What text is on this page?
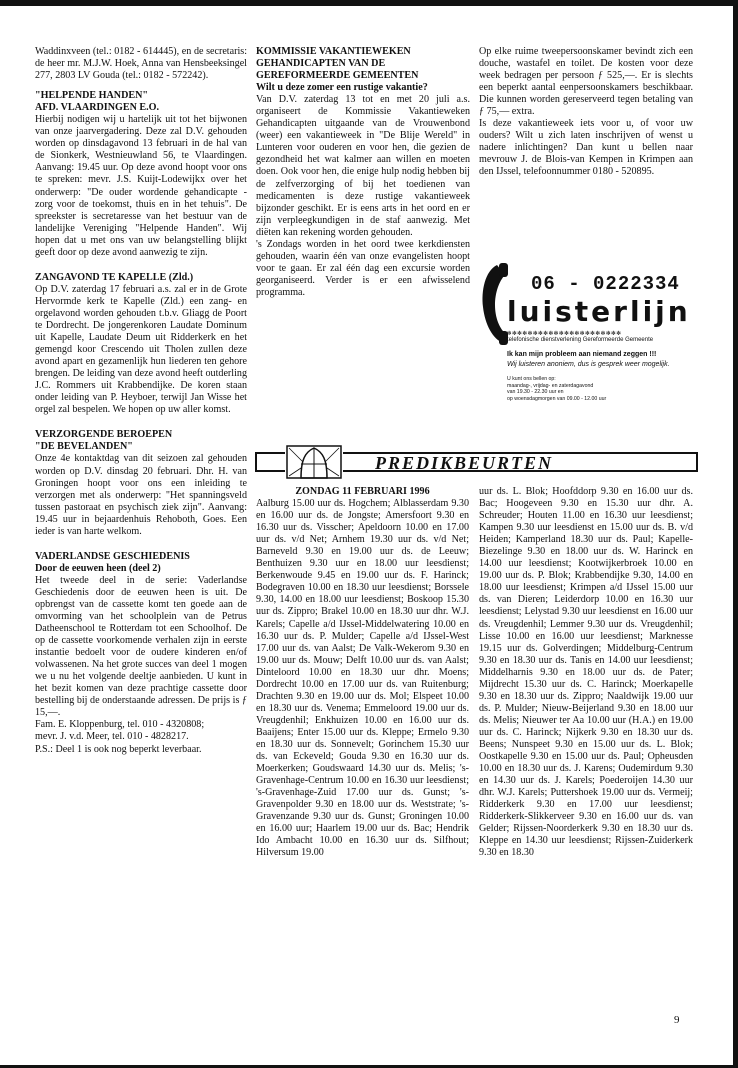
Waddinxveen (tel.: 0182 - 614445), en de secretaris: de heer mr. M.J.W. Hoek, Anna van Hensbeeksingel 277, 2803 LV Gouda (tel.: 0182 - 572242).

"HELPENDE HANDEN"

AFD. VLAARDINGEN E.O.

Hierbij nodigen wij u hartelijk uit tot het bijwonen van onze jaarvergadering. Deze zal D.V. gehouden worden op dinsdagavond 13 februari in de hal van de Sionkerk, Westnieuwland 56, te Vlaardingen. Aanvang: 19.45 uur. Op deze avond hoopt voor ons te spreken: mevr. J.S. Kuijt-Lodewijkx over het onderwerp: "De ouder wordende gehandicapte - zorg voor de toekomst, thuis en in het tehuis". De spreekster is secretaresse van het bestuur van de landelijke Vereniging "Helpende Handen". Wij hopen dat u met ons van uw belangstelling blijkt geeft door op deze avond aanwezig te zijn.

ZANGAVOND TE KAPELLE (Zld.)

Op D.V. zaterdag 17 februari a.s. zal er in de Grote Hervormde kerk te Kapelle (Zld.) een zang- en orgelavond worden gehouden t.b.v. Gliagg de Poort te Dordrecht. De jongerenkoren Laudate Dominum uit Kapelle, Laudate Deum uit Ridderkerk en het gemengd koor Crescendo uit Tholen zullen deze avond apart en gezamenlijk hun liederen ten gehore brengen. De leiding van deze avond heeft outderling J.C. Rommers uit Krabbendijke. De koren staan onder leiding van P. Heyboer, terwijl Jan Wisse het orgel zal bespelen. We hopen op uw aller komst.

VERZORGENDE BEROEPEN

"DE BEVELANDEN"

Onze 4e kontaktdag van dit seizoen zal gehouden worden op D.V. dinsdag 20 februari. Dhr. H. van Groningen hoopt voor ons een inleiding te verzorgen met als onderwerp: "Het spanningsveld tussen pastoraat en psychisch ziek zijn". Aanvang: 19.45 uur in bejaardenhuis Rehoboth, Goes. Een ieder is van harte welkom.

VADERLANDSE GESCHIEDENIS

Door de eeuwen heen (deel 2)

Het tweede deel in de serie: Vaderlandse Geschiedenis door de eeuwen heen is uit. De opbrengst van de cassette komt ten goede aan de omvorming van het schoolplein van de Petrus Datheenschool te Rotterdam tot een Schoolhof. De op de cassette voorkomende verhalen zijn in eerste instantie bedoelt voor de oudere kinderen en/of volwassenen. Na het grote succes van deel 1 mogen we u nu het volgende deeltje aanbieden. U kunt in het bezit komen van deze prachtige cassette door bestelling bij de onderstaande adressen. De prijs is ƒ 15,—.

Fam. E. Kloppenburg, tel. 010 - 4320808;

mevr. J. v.d. Meer, tel. 010 - 4828217.

P.S.: Deel 1 is ook nog beperkt leverbaar.

KOMMISSIE VAKANTIEWEKEN

GEHANDICAPTEN VAN DE

GEREFORMEERDE GEMEENTEN

Wilt u deze zomer een rustige vakantie?

Van D.V. zaterdag 13 tot en met 20 juli a.s. organiseert de Kommissie Vakantieweken Gehandicapten uitgaande van de Vrouwenbond (weer) een vakantieweek in "De Blije Wereld" in Lunteren voor ouderen en voor hen, die gezien de gezondheid het wat kalmer aan willen en moeten doen. Ook voor hen, die enige hulp nodig hebben bij de zelfverzorging of bij het toedienen van medicamenten is deze rustige vakantieweek bijzonder geschikt. Er is eens arts in het oord en er zijn verpleegkundigen in de staf aanwezig. Met diëten kan rekening worden gehouden.

's Zondags worden in het oord twee kerkdiensten gehouden, waarin één van onze evangelisten hoopt voor te gaan. Er zal één dag een excursie worden georganiseerd. Verder is er een afwisselend programma.

Op elke ruime tweepersoonskamer bevindt zich een douche, wastafel en toilet. De kosten voor deze week bedragen per persoon ƒ 525,—. Er is slechts een beperkt aantal eenpersoonskamers beschikbaar. Die kunnen worden gereserveerd tegen betaling van ƒ 75,— extra.

Is deze vakantieweek iets voor u, of voor uw ouders? Wilt u zich laten inschrijven of wenst u nadere inlichtingen? Dan kunt u bellen naar mevrouw J. de Blois-van Kempen in Krimpen aan den IJssel, telefoonnummer 0180 - 520895.

06 - 0222334
luisterlijn
✻✻✻✻✻✻✻✻✻✻✻✻✻✻✻✻✻✻✻✻✻✻
telefonische dienstverlening Gereformeerde Gemeente
Ik kan mijn probleem aan niemand zeggen !!!
Wij luisteren anoniem, dus is gesprek weer mogelijk.
U kunt ons bellen op:
maandag-, vrijdag- en zaterdagavond
van 19.30 - 22.30 uur en
op woensdagmorgen van 09.00 - 12.00 uur
PREDIKBEURTEN

ZONDAG 11 FEBRUARI 1996

Aalburg 15.00 uur ds. Hogchem; Alblasserdam 9.30 en 16.00 uur ds. de Jongste; Amersfoort 9.30 en 16.30 uur ds. Visscher; Apeldoorn 10.00 en 17.00 uur ds. v/d Net; Arnhem 19.30 uur ds. v/d Net; Barneveld 9.30 en 19.00 uur ds. de Leeuw; Benthuizen 9.30 uur en 18.00 uur leesdienst; Berkenwoude 9.45 en 19.00 uur ds. F. Harinck; Bodegraven 10.00 en 18.30 uur leesdienst; Borssele 9.30, 14.00 en 18.00 uur leesdienst; Boskoop 15.30 uur ds. Zippro; Brakel 10.00 en 18.30 uur dhr. W.J. Karels; Capelle a/d IJssel-Middelwatering 10.00 en 16.30 uur ds. P. Mulder; Capelle a/d IJssel-West 17.00 uur ds. van Aalst; De Valk-Wekerom 9.30 en 19.00 uur ds. Mouw; Delft 10.00 uur ds. van Aalst; Dinteloord 10.00 en 18.30 uur dhr. Moens; Dordrecht 10.00 en 17.00 uur ds. van Ruitenburg; Drachten 9.30 en 19.00 uur ds. Mol; Elspeet 10.00 en 18.30 uur ds. Venema; Emmeloord 19.00 uur ds. Vreugdenhil; Enkhuizen 10.00 en 16.00 uur ds. Baaijens; Enter 15.00 uur ds. Kleppe; Ermelo 9.30 en 18.30 uur ds. Sonnevelt; Gorinchem 15.30 uur ds. van Eckeveld; Gouda 9.30 en 16.30 uur ds. Moerkerken; Goudswaard 14.30 uur ds. Melis; 's-Gravenhage-Centrum 10.00 en 16.30 uur leesdienst; 's-Gravenhage-Zuid 17.00 uur ds. Gunst; 's-Gravenpolder 9.30 en 18.00 uur ds. Weststrate; 's-Gravenzande 9.30 uur ds. Gunst; Groningen 10.00 en 16.00 uur; Haarlem 19.00 uur ds. Bac; Hendrik Ido Ambacht 10.00 en 16.30 uur ds. Silfhout; Hilversum 19.00

uur ds. L. Blok; Hoofddorp 9.30 en 16.00 uur ds. Bac; Hoogeveen 9.30 en 15.30 uur dhr. A. Schreuder; Houten 11.00 en 16.30 uur leesdienst; Kampen 9.30 uur leesdienst en 15.00 uur ds. B. v/d Heiden; Kamperland 18.30 uur ds. Paul; Kapelle-Biezelinge 9.30 en 18.00 uur ds. W. Harinck en 14.00 uur leesdienst; Kootwijkerbroek 10.00 en 19.00 uur ds. P. Blok; Krabbendijke 9.30, 14.00 en 18.00 uur leesdienst; Krimpen a/d IJssel 15.00 uur ds. van Dieren; Leiderdorp 10.00 en 16.30 uur leesdienst; Lelystad 9.30 uur leesdienst en 16.00 uur ds. Vreugdenhil; Lemmer 9.30 uur ds. Vreugdenhil; Lisse 10.00 en 16.00 uur leesdienst; Marknesse 19.15 uur ds. Golverdingen; Middelburg-Centrum 9.30 en 18.30 uur ds. Tanis en 14.00 uur leesdienst; Middelharnis 9.30 en 18.00 uur ds. de Pater; Mijdrecht 15.30 uur ds. C. Harinck; Moerkapelle 9.30 en 18.30 uur ds. Zippro; Naaldwijk 19.00 uur ds. P. Mulder; Nieuw-Beijerland 9.30 en 18.00 uur ds. Melis; Nieuwer ter Aa 10.00 uur (H.A.) en 19.00 uur ds. C. Harinck; Nijkerk 9.30 en 18.30 uur ds. Beens; Nunspeet 9.30 en 15.00 uur ds. L. Blok; Oostkapelle 9.30 en 15.00 uur ds. Paul; Opheusden 10.00 en 18.30 uur ds. J. Karens; Oudemirdum 9.30 en 14.30 uur ds. J. Karels; Poederoijen 14.30 uur dhr. W.J. Karels; Puttershoek 19.00 uur ds. Vermeij; Ridderkerk 9.30 en 17.00 uur leesdienst; Ridderkerk-Slikkerveer 9.30 en 16.00 uur ds. van Gelder; Rijssen-Noorderkerk 9.30 en 18.30 uur ds. Kleppe en 14.30 uur leesdienst; Rijssen-Zuiderkerk 9.30 en 18.30

9
